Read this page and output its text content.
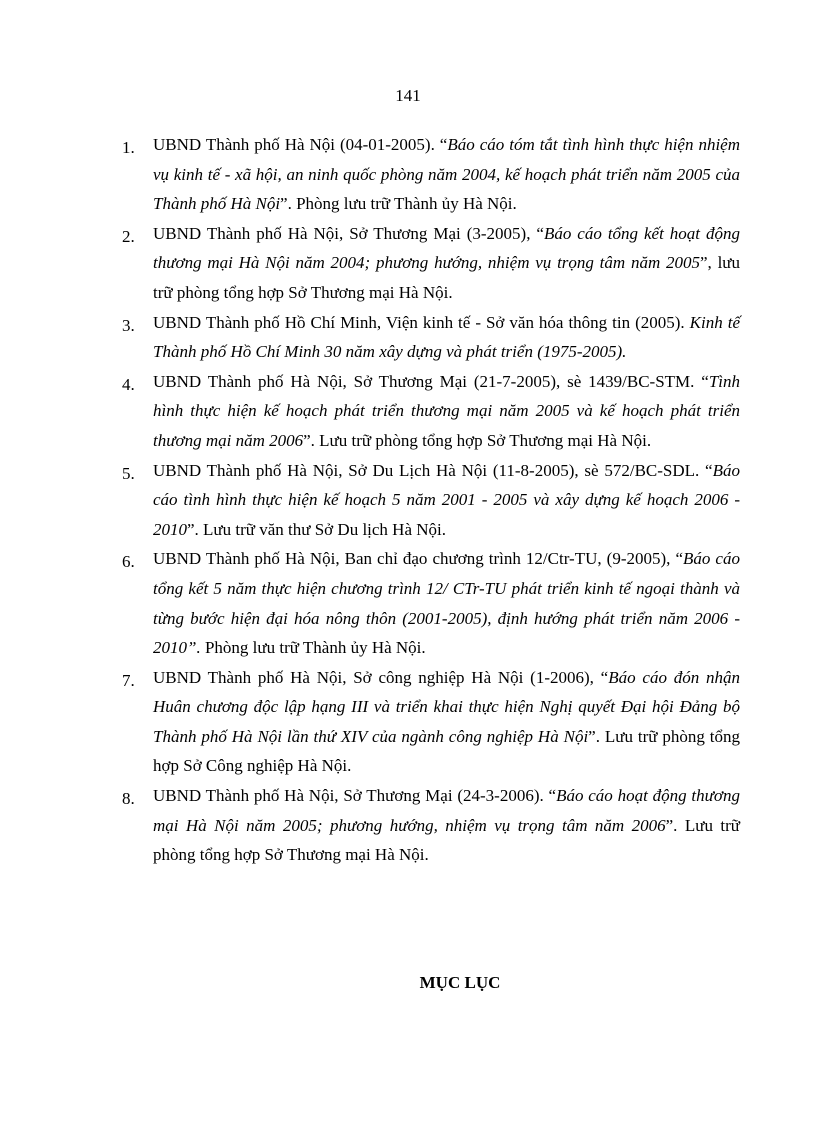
141
1.	UBND Thành phố Hà Nội (04-01-2005). “Báo cáo tóm tắt tình hình thực hiện nhiệm vụ kinh tế - xã hội, an ninh quốc phòng năm 2004, kế hoạch phát triển năm 2005 của Thành phố Hà Nội”. Phòng lưu trữ Thành ủy Hà Nội.
2.	UBND Thành phố Hà Nội, Sở Thương Mại (3-2005), “Báo cáo tổng kết hoạt động thương mại Hà Nội năm 2004; phương hướng, nhiệm vụ trọng tâm năm 2005”, lưu trữ phòng tổng hợp Sở Thương mại Hà Nội.
3.	UBND Thành phố Hồ Chí Minh, Viện kinh tế - Sở văn hóa thông tin (2005). Kinh tế Thành phố Hồ Chí Minh 30 năm xây dựng và phát triển (1975-2005).
4.	UBND Thành phố Hà Nội, Sở Thương Mại (21-7-2005), sè 1439/BC-STM. “Tình hình thực hiện kế hoạch phát triển thương mại năm 2005 và kế hoạch phát triển thương mại năm 2006”. Lưu trữ phòng tổng hợp Sở Thương mại Hà Nội.
5.	UBND Thành phố Hà Nội, Sở Du Lịch Hà Nội (11-8-2005), sè 572/BC-SDL. “Báo cáo tình hình thực hiện kế hoạch 5 năm 2001 - 2005 và xây dựng kế hoạch 2006 - 2010”. Lưu trữ văn thư Sở Du lịch Hà Nội.
6.	UBND Thành phố Hà Nội, Ban chỉ đạo chương trình 12/Ctr-TU, (9-2005), “Báo cáo tổng kết 5 năm thực hiện chương trình 12/ CTr-TU phát triển kinh tế ngoại thành và từng bước hiện đại hóa nông thôn (2001-2005), định hướng phát triển năm 2006 - 2010”. Phòng lưu trữ Thành ủy Hà Nội.
7.	UBND Thành phố Hà Nội, Sở công nghiệp Hà Nội (1-2006), “Báo cáo đón nhận Huân chương độc lập hạng III và triển khai thực hiện Nghị quyết Đại hội Đảng bộ Thành phố Hà Nội lần thứ XIV của ngành công nghiệp Hà Nội”. Lưu trữ phòng tổng hợp Sở Công nghiệp Hà Nội.
8.	UBND Thành phố Hà Nội, Sở Thương Mại (24-3-2006). “Báo cáo hoạt động thương mại Hà Nội năm 2005; phương hướng, nhiệm vụ trọng tâm năm 2006”. Lưu trữ phòng tổng hợp Sở Thương mại Hà Nội.
MỤC LỤC
